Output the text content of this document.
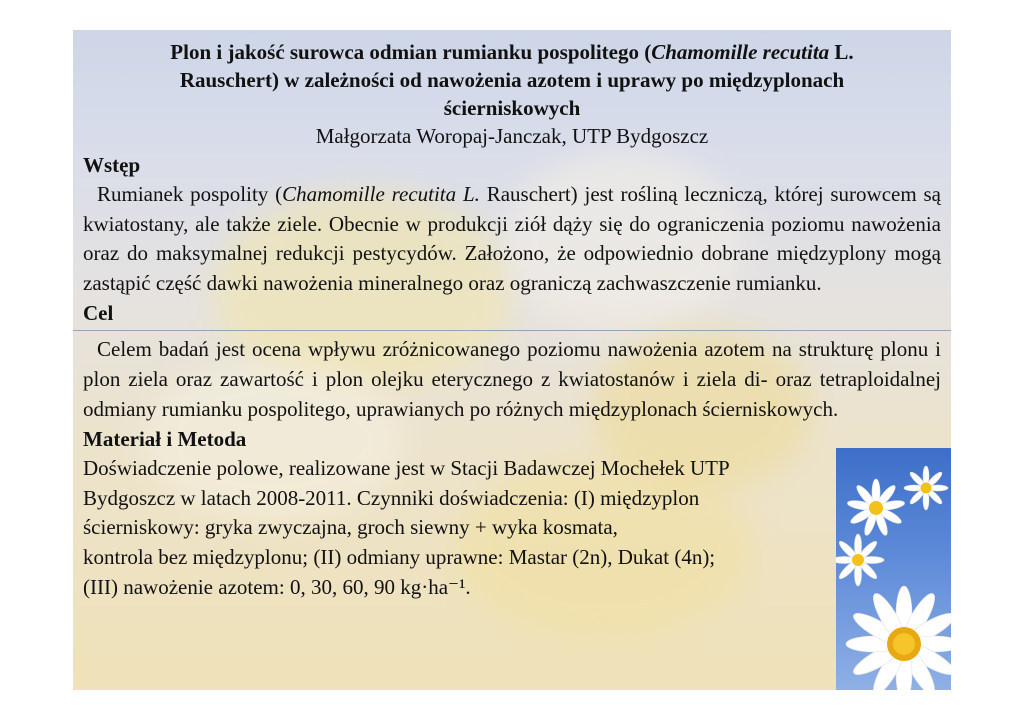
Plon i jakość surowca odmian rumianku pospolitego (Chamomille recutita L.
Rauschert) w zależności od nawożenia azotem i uprawy po międzyplonach
ścierniskowych

Małgorzata Woropaj-Janczak, UTP Bydgoszcz

Wstęp

Rumianek pospolity (Chamomille recutita L. Rauschert) jest rośliną leczniczą, której surowcem są kwiatostany, ale także ziele. Obecnie w produkcji ziół dąży się do ograniczenia poziomu nawożenia oraz do maksymalnej redukcji pestycydów. Założono, że odpowiednio dobrane międzyplony mogą zastąpić część dawki nawożenia mineralnego oraz ograniczą zachwaszczenie rumianku.

Cel

Celem badań jest ocena wpływu zróżnicowanego poziomu nawożenia azotem na strukturę plonu i plon ziela oraz zawartość i plon olejku eterycznego z kwiatostanów i ziela di- oraz tetraploidalnej odmiany rumianku pospolitego, uprawianych po różnych międzyplonach ścierniskowych.

Materiał i Metoda

Doświadczenie polowe, realizowane jest w Stacji Badawczej Mochełek UTP

Bydgoszcz w latach 2008-2011. Czynniki doświadczenia: (I) międzyplon

ścierniskowy: gryka zwyczajna, groch siewny + wyka kosmata,

kontrola bez międzyplonu; (II) odmiany uprawne: Mastar (2n), Dukat (4n);

(III) nawożenie azotem: 0, 30, 60, 90 kg·ha⁻¹.
